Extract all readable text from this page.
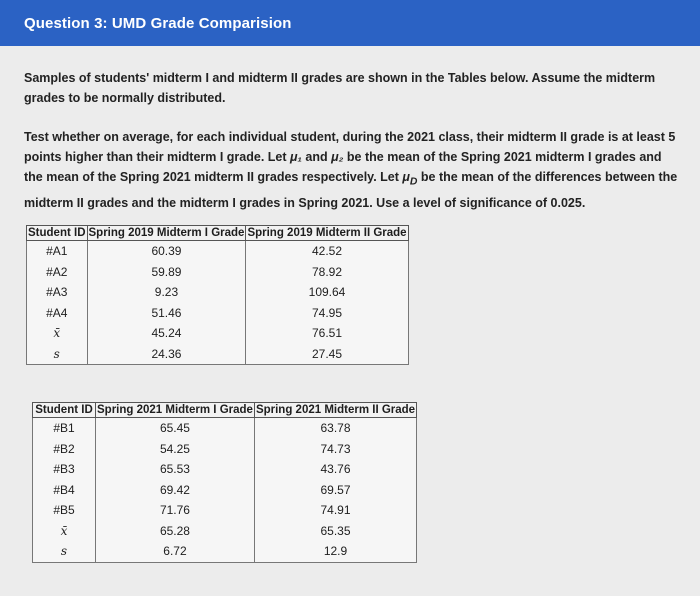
Question 3: UMD Grade Comparision
Samples of students' midterm I and midterm II grades are shown in the Tables below. Assume the midterm grades to be normally distributed.
Test whether on average, for each individual student, during the 2021 class, their midterm II grade is at least 5 points higher than their midterm I grade. Let μ₁ and μ₂ be the mean of the Spring 2021 midterm I grades and the mean of the Spring 2021 midterm II grades respectively. Let $\mu_D$ be the mean of the differences between the midterm II grades and the midterm I grades in Spring 2021. Use a level of significance of 0.025.
Student ID	Spring 2019 Midterm I Grade	Spring 2019 Midterm II Grade
#A1	60.39	42.52
#A2	59.89	78.92
#A3	9.23	109.64
#A4	51.46	74.95
x̄	45.24	76.51
s	24.36	27.45
Student ID	Spring 2021 Midterm I Grade	Spring 2021 Midterm II Grade
#B1	65.45	63.78
#B2	54.25	74.73
#B3	65.53	43.76
#B4	69.42	69.57
#B5	71.76	74.91
x̄	65.28	65.35
s	6.72	12.9
